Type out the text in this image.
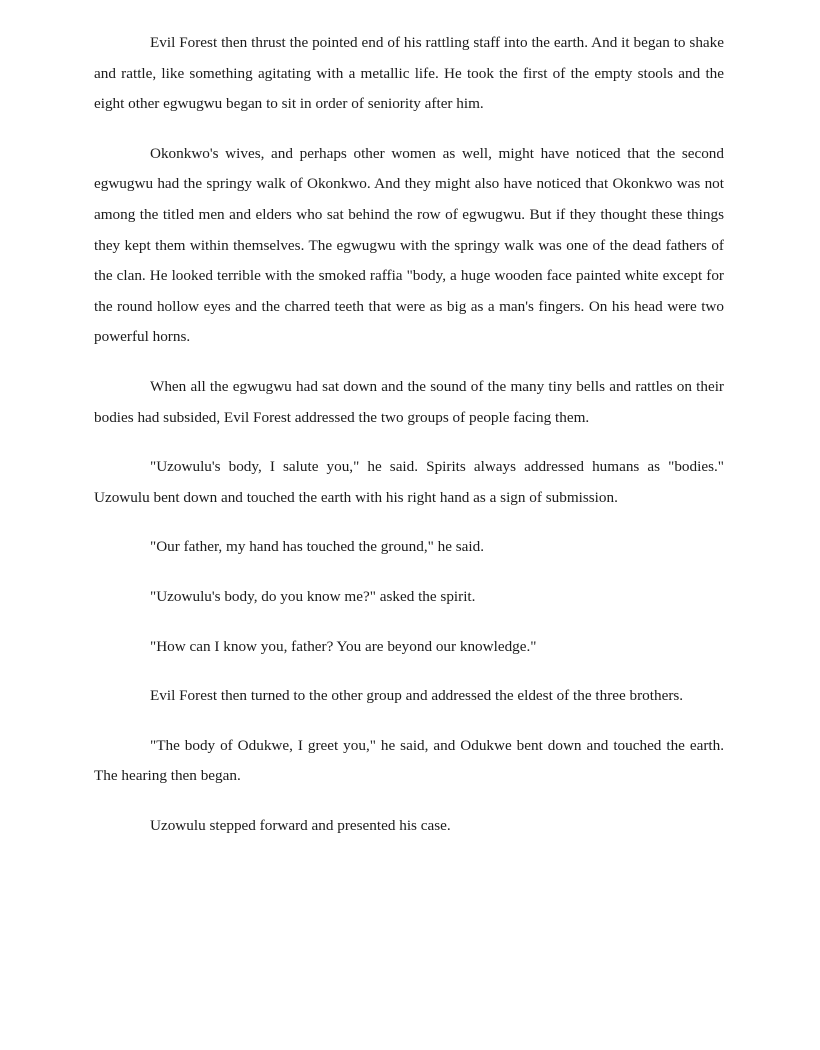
Evil Forest then thrust the pointed end of his rattling staff into the earth. And it began to shake and rattle, like something agitating with a metallic life. He took the first of the empty stools and the eight other egwugwu began to sit in order of seniority after him.

Okonkwo's wives, and perhaps other women as well, might have noticed that the second egwugwu had the springy walk of Okonkwo. And they might also have noticed that Okonkwo was not among the titled men and elders who sat behind the row of egwugwu. But if they thought these things they kept them within themselves. The egwugwu with the springy walk was one of the dead fathers of the clan. He looked terrible with the smoked raffia "body, a huge wooden face painted white except for the round hollow eyes and the charred teeth that were as big as a man's fingers. On his head were two powerful horns.

When all the egwugwu had sat down and the sound of the many tiny bells and rattles on their bodies had subsided, Evil Forest addressed the two groups of people facing them.

"Uzowulu's body, I salute you," he said. Spirits always addressed humans as "bodies." Uzowulu bent down and touched the earth with his right hand as a sign of submission.

"Our father, my hand has touched the ground," he said.

"Uzowulu's body, do you know me?" asked the spirit.

"How can I know you, father? You are beyond our knowledge."

Evil Forest then turned to the other group and addressed the eldest of the three brothers.

"The body of Odukwe, I greet you," he said, and Odukwe bent down and touched the earth. The hearing then began.

Uzowulu stepped forward and presented his case.
